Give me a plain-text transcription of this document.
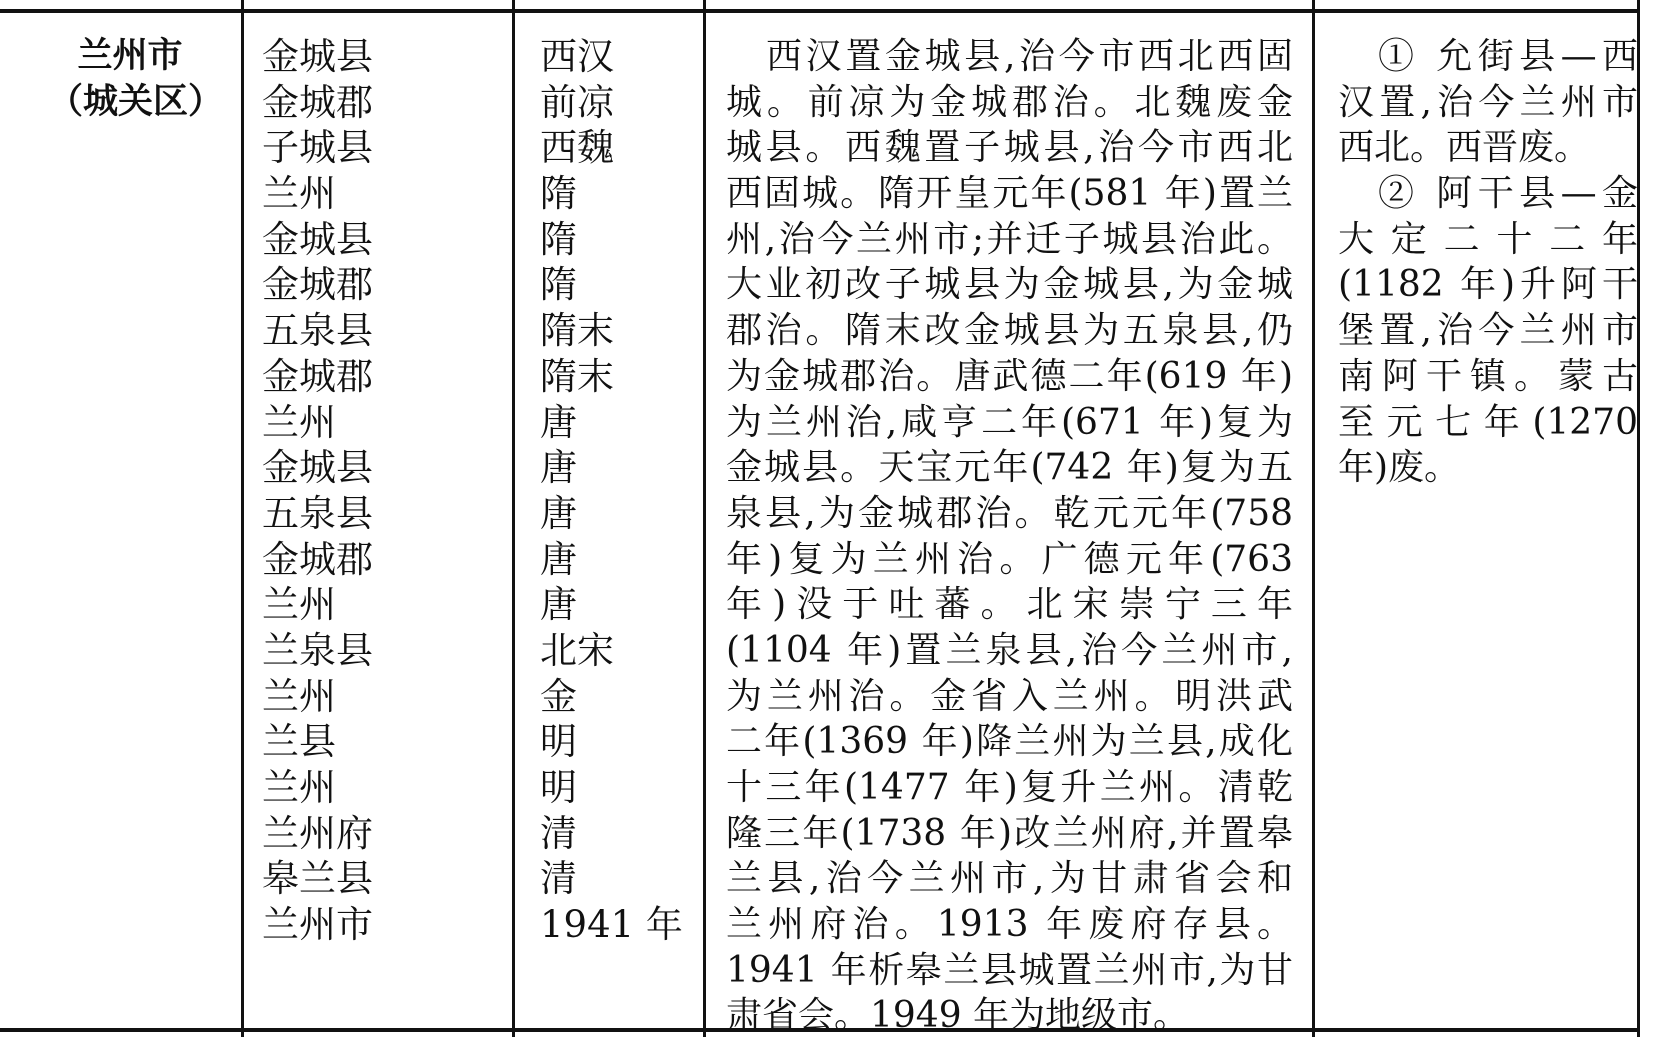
兰州市
（城关区）
金城县
金城郡
子城县
兰州
金城县
金城郡
五泉县
金城郡
兰州
金城县
五泉县
金城郡
兰州
兰泉县
兰州
兰县
兰州
兰州府
皋兰县
兰州市
西汉
前凉
西魏
隋
隋
隋
隋末
隋末
唐
唐
唐
唐
唐
北宋
金
明
明
清
清
1941 年
西汉置金城县,治今市西北西固
城。前凉为金城郡治。北魏废金
城县。西魏置子城县,治今市西北
西固城。隋开皇元年(581 年)置兰
州,治今兰州市;并迁子城县治此。
大业初改子城县为金城县,为金城
郡治。隋末改金城县为五泉县,仍
为金城郡治。唐武德二年(619 年)
为兰州治,咸亨二年(671 年)复为
金城县。天宝元年(742 年)复为五
泉县,为金城郡治。乾元元年(758
年)复为兰州治。广德元年(763
年)没于吐蕃。北宋崇宁三年
(1104 年)置兰泉县,治今兰州市,
为兰州治。金省入兰州。明洪武
二年(1369 年)降兰州为兰县,成化
十三年(1477 年)复升兰州。清乾
隆三年(1738 年)改兰州府,并置皋
兰县,治今兰州市,为甘肃省会和
兰州府治。1913 年废府存县。
1941 年析皋兰县城置兰州市,为甘
肃省会。1949 年为地级市。
① 允街县—西
汉置,治今兰州市
西北。西晋废。
② 阿干县—金
大定二十二年
(1182 年)升阿干
堡置,治今兰州市
南阿干镇。蒙古
至元七年(1270
年)废。
